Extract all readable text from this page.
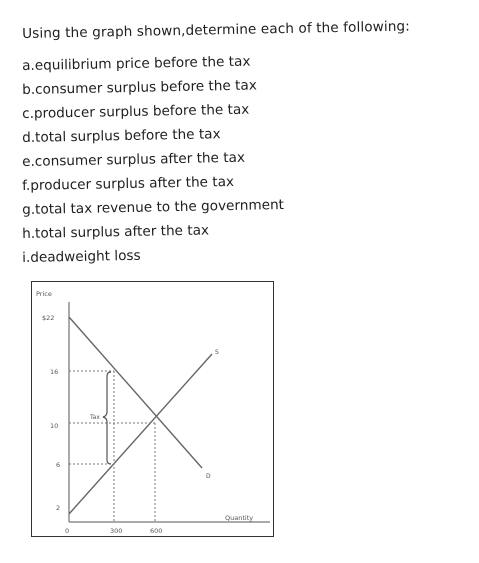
Using the graph shown,determine each of the following:
a.equilibrium price before the tax
b.consumer surplus before the tax
c.producer surplus before the tax
d.total surplus before the tax
e.consumer surplus after the tax
f.producer surplus after the tax
g.total tax revenue to the government
h.total surplus after the tax
i.deadweight loss
Price
Quantity
0
$22
16
10
6
2
300	600
D
S
Tax
